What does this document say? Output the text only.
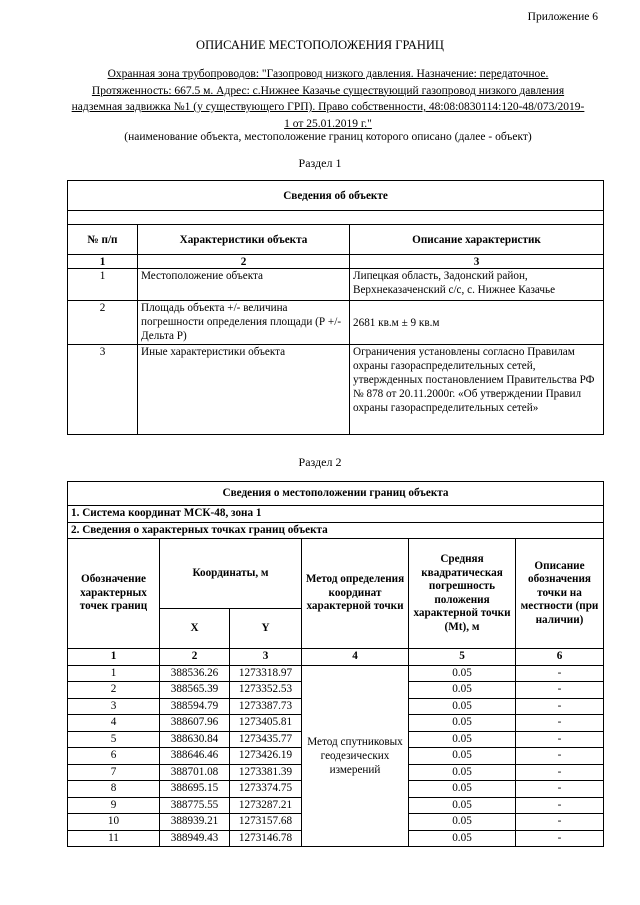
Приложение 6
ОПИСАНИЕ МЕСТОПОЛОЖЕНИЯ ГРАНИЦ
Охранная зона трубопроводов: "Газопровод низкого давления. Назначение: передаточное. Протяженность: 667.5 м. Адрес: с.Нижнее Казачье существующий газопровод низкого давления надземная задвижка №1 (у существующего ГРП). Право собственности, 48:08:0830114:120-48/073/2019-1 от 25.01.2019 г."
(наименование объекта, местоположение границ которого описано (далее - объект)
Раздел 1
Сведения об объекте		

№ п/п	Характеристики объекта	Описание характеристик
1	2	3
1	Местоположение объекта	Липецкая область, Задонский район, Верхнеказаченский с/с, с. Нижнее Казачье
2	Площадь объекта +/- величина погрешности определения площади (Р +/- Дельта Р)	2681 кв.м ± 9 кв.м
3	Иные характеристики объекта	Ограничения установлены согласно Правилам охраны газораспределительных сетей, утвержденных постановлением Правительства РФ № 878 от 20.11.2000г. «Об утверждении Правил охраны газораспределительных сетей»
Раздел 2
Сведения о местоположении границ объекта					
1. Система координат МСК-48, зона 1					
2. Сведения о характерных точках границ объекта					
Обозначение характерных точек границ	Координаты, м		Метод определения координат характерной точки	Средняя квадратическая погрешность положения характерной точки (Mt), м	Описание обозначения точки на местности (при наличии)
	X	Y			
1	2	3	4	5	6
1	388536.26	1273318.97	Метод спутниковых геодезических измерений	0.05	-
2	388565.39	1273352.53		0.05	-
3	388594.79	1273387.73		0.05	-
4	388607.96	1273405.81		0.05	-
5	388630.84	1273435.77		0.05	-
6	388646.46	1273426.19		0.05	-
7	388701.08	1273381.39		0.05	-
8	388695.15	1273374.75		0.05	-
9	388775.55	1273287.21		0.05	-
10	388939.21	1273157.68		0.05	-
11	388949.43	1273146.78		0.05	-
